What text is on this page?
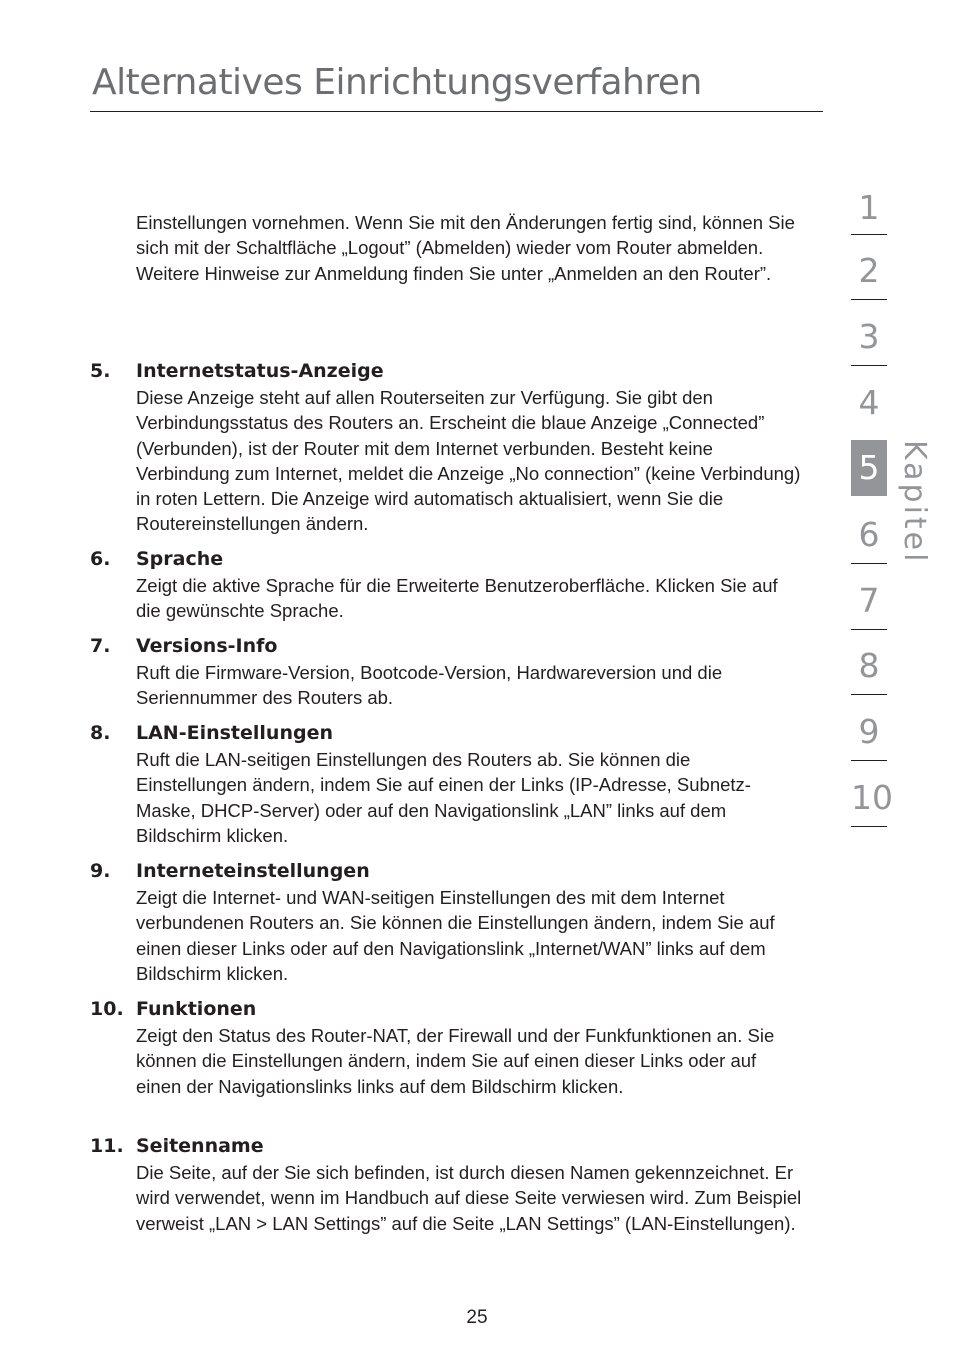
Alternatives Einrichtungsverfahren

Einstellungen vornehmen. Wenn Sie mit den Änderungen fertig sind, können Sie sich mit der Schaltfläche „Logout” (Abmelden) wieder vom Router abmelden. Weitere Hinweise zur Anmeldung finden Sie unter „Anmelden an den Router”.

5. Internetstatus-Anzeige
Diese Anzeige steht auf allen Routerseiten zur Verfügung. Sie gibt den Verbindungsstatus des Routers an. Erscheint die blaue Anzeige „Connected” (Verbunden), ist der Router mit dem Internet verbunden. Besteht keine Verbindung zum Internet, meldet die Anzeige „No connection” (keine Verbindung) in roten Lettern. Die Anzeige wird automatisch aktualisiert, wenn Sie die Routereinstellungen ändern.
6. Sprache
Zeigt die aktive Sprache für die Erweiterte Benutzeroberfläche. Klicken Sie auf die gewünschte Sprache.
7. Versions-Info
Ruft die Firmware-Version, Bootcode-Version, Hardwareversion und die Seriennummer des Routers ab.
8. LAN-Einstellungen
Ruft die LAN-seitigen Einstellungen des Routers ab. Sie können die Einstellungen ändern, indem Sie auf einen der Links (IP-Adresse, Subnetz-Maske, DHCP-Server) oder auf den Navigationslink „LAN” links auf dem Bildschirm klicken.
9. Interneteinstellungen
Zeigt die Internet- und WAN-seitigen Einstellungen des mit dem Internet verbundenen Routers an. Sie können die Einstellungen ändern, indem Sie auf einen dieser Links oder auf den Navigationslink „Internet/WAN” links auf dem Bildschirm klicken.
10. Funktionen
Zeigt den Status des Router-NAT, der Firewall und der Funkfunktionen an. Sie können die Einstellungen ändern, indem Sie auf einen dieser Links oder auf einen der Navigationslinks links auf dem Bildschirm klicken.
11. Seitenname
Die Seite, auf der Sie sich befinden, ist durch diesen Namen gekennzeichnet. Er wird verwendet, wenn im Handbuch auf diese Seite verwiesen wird. Zum Beispiel verweist „LAN > LAN Settings” auf die Seite „LAN Settings” (LAN-Einstellungen).
1
2
3
4
5
6
7
8
9
10
Kapitel
25
